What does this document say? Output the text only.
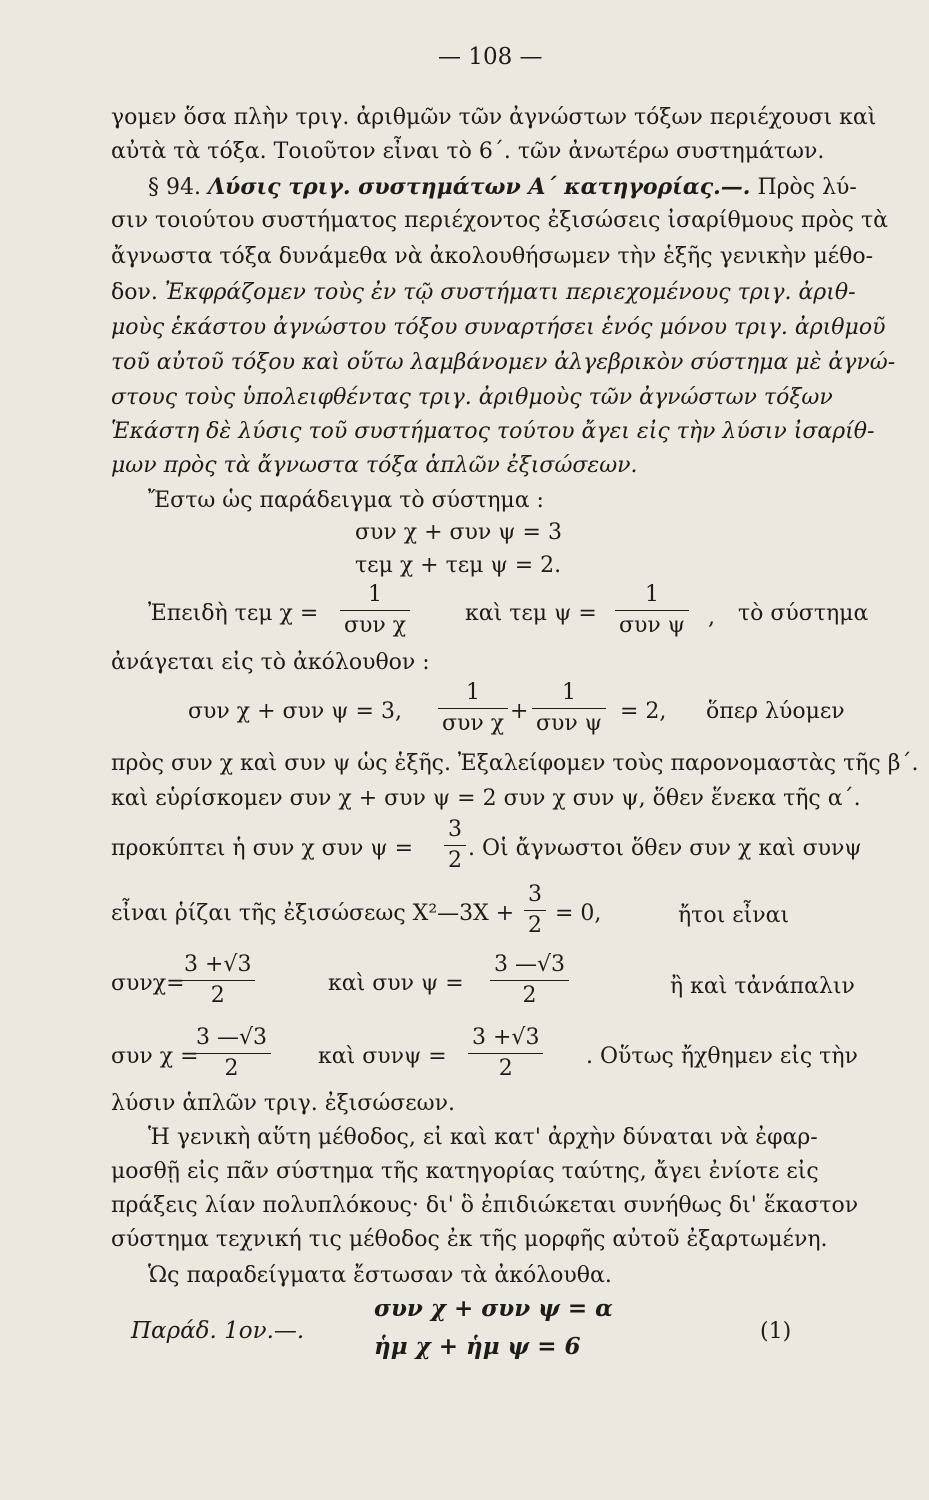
— 108 —
γομεν ὅσα πλὴν τριγ. ἀριθμῶν τῶν ἀγνώστων τόξων περιέχουσι καὶ
αὐτὰ τὰ τόξα. Τοιοῦτον εἶναι τὸ 6΄. τῶν ἀνωτέρω συστημάτων.
§ 94. Λύσις τριγ. συστημάτων Α΄ κατηγορίας.—. Πρὸς λύ-
σιν τοιούτου συστήματος περιέχοντος ἐξισώσεις ἰσαρίθμους πρὸς τὰ
ἄγνωστα τόξα δυνάμεθα νὰ ἀκολουθήσωμεν τὴν ἑξῆς γενικὴν μέθο-
δον. Ἐκφράζομεν τοὺς ἐν τῷ συστήματι περιεχομένους τριγ. ἀριθ-
μοὺς ἑκάστου ἀγνώστου τόξου συναρτήσει ἑνός μόνου τριγ. ἀριθμοῦ
τοῦ αὐτοῦ τόξου καὶ οὕτω λαμβάνομεν ἀλγεβρικὸν σύστημα μὲ ἀγνώ-
στους τοὺς ὑπολειφθέντας τριγ. ἀριθμοὺς τῶν ἀγνώστων τόξων
Ἑκάστη δὲ λύσις τοῦ συστήματος τούτου ἄγει εἰς τὴν λύσιν ἰσαρίθ-
μων πρὸς τὰ ἄγνωστα τόξα ἁπλῶν ἐξισώσεων.
Ἔστω ὡς παράδειγμα τὸ σύστημα :
συν χ + συν ψ = 3
τεμ χ + τεμ ψ = 2.
Ἐπειδὴ τεμ χ =
1
συν χ	καὶ τεμ ψ =
1
συν ψ , τὸ σύστημα
ἀνάγεται εἰς τὸ ἀκόλουθον :
συν χ + συν ψ = 3,
1
συν χ +
1
συν ψ = 2, ὅπερ λύομεν
πρὸς συν χ καὶ συν ψ ὡς ἑξῆς. Ἐξαλείφομεν τοὺς παρονομαστὰς τῆς β΄.
καὶ εὑρίσκομεν συν χ + συν ψ = 2 συν χ συν ψ, ὅθεν ἕνεκα τῆς α΄.
προκύπτει ἡ συν χ συν ψ =
3
2 . Οἱ ἄγνωστοι ὅθεν συν χ καὶ συνψ
εἶναι ῥίζαι τῆς ἐξισώσεως X²—3X +
3
2 = 0,	ἤτοι εἶναι
συνχ=
3 +√3
2	καὶ συν ψ =
3 —√3
2	ἢ καὶ τἀνάπαλιν
συν χ =
3 —√3
2	καὶ συνψ =
3 +√3
2	. Οὕτως ἤχθημεν εἰς τὴν
λύσιν ἁπλῶν τριγ. ἐξισώσεων.
Ἡ γενικὴ αὕτη μέθοδος, εἰ καὶ κατ' ἀρχὴν δύναται νὰ ἐφαρ-
μοσθῇ εἰς πᾶν σύστημα τῆς κατηγορίας ταύτης, ἄγει ἐνίοτε εἰς
πράξεις λίαν πολυπλόκους· δι' ὃ ἐπιδιώκεται συνήθως δι' ἕκαστον
σύστημα τεχνική τις μέθοδος ἐκ τῆς μορφῆς αὐτοῦ ἐξαρτωμένη.
Ὡς παραδείγματα ἔστωσαν τὰ ἀκόλουθα.
Παράδ. 1ον.—.
συν χ + συν ψ = α
ἡμ χ + ἡμ ψ = 6
(1)
